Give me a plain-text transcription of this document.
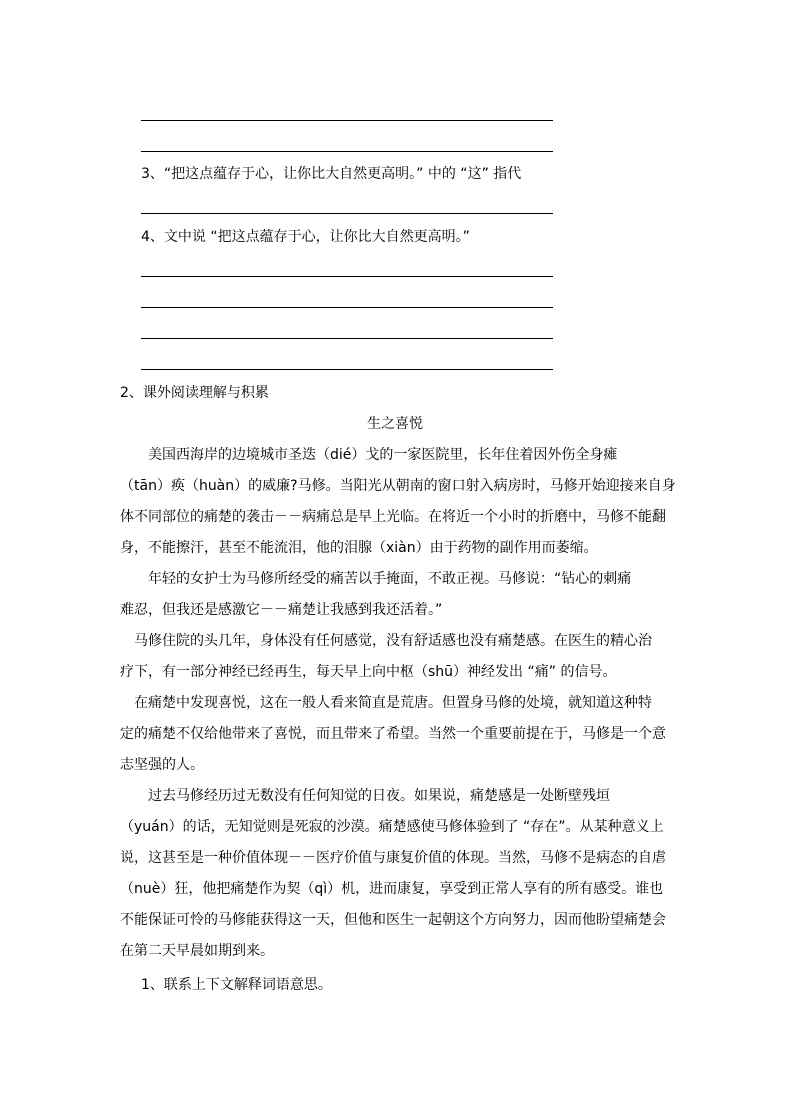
3、“把这点蕴存于心，让你比大自然更高明。” 中的 “这” 指代
4、文中说 “把这点蕴存于心，让你比大自然更高明。”
2、课外阅读理解与积累
生之喜悦
　　美国西海岸的边境城市圣迭（dié）戈的一家医院里，长年住着因外伤全身瘫
（tān）痪（huàn）的威廉?马修。当阳光从朝南的窗口射入病房时，马修开始迎接来自身
体不同部位的痛楚的袭击－－病痛总是早上光临。在将近一个小时的折磨中，马修不能翻
身，不能擦汗，甚至不能流泪，他的泪腺（xiàn）由于药物的副作用而萎缩。
　　年轻的女护士为马修所经受的痛苦以手掩面，不敢正视。马修说：“钻心的刺痛
难忍，但我还是感激它－－痛楚让我感到我还活着。”
　马修住院的头几年，身体没有任何感觉，没有舒适感也没有痛楚感。在医生的精心治
疗下，有一部分神经已经再生，每天早上向中枢（shū）神经发出 “痛” 的信号。
　在痛楚中发现喜悦，这在一般人看来简直是荒唐。但置身马修的处境，就知道这种特
定的痛楚不仅给他带来了喜悦，而且带来了希望。当然一个重要前提在于，马修是一个意
志坚强的人。
　　过去马修经历过无数没有任何知觉的日夜。如果说，痛楚感是一处断壁残垣
（yuán）的话，无知觉则是死寂的沙漠。痛楚感使马修体验到了 “存在”。从某种意义上
说，这甚至是一种价值体现－－医疗价值与康复价值的体现。当然，马修不是病态的自虐
（nuè）狂，他把痛楚作为契（qì）机，进而康复，享受到正常人享有的所有感受。谁也
不能保证可怜的马修能获得这一天，但他和医生一起朝这个方向努力，因而他盼望痛楚会
在第二天早晨如期到来。
1、联系上下文解释词语意思。
